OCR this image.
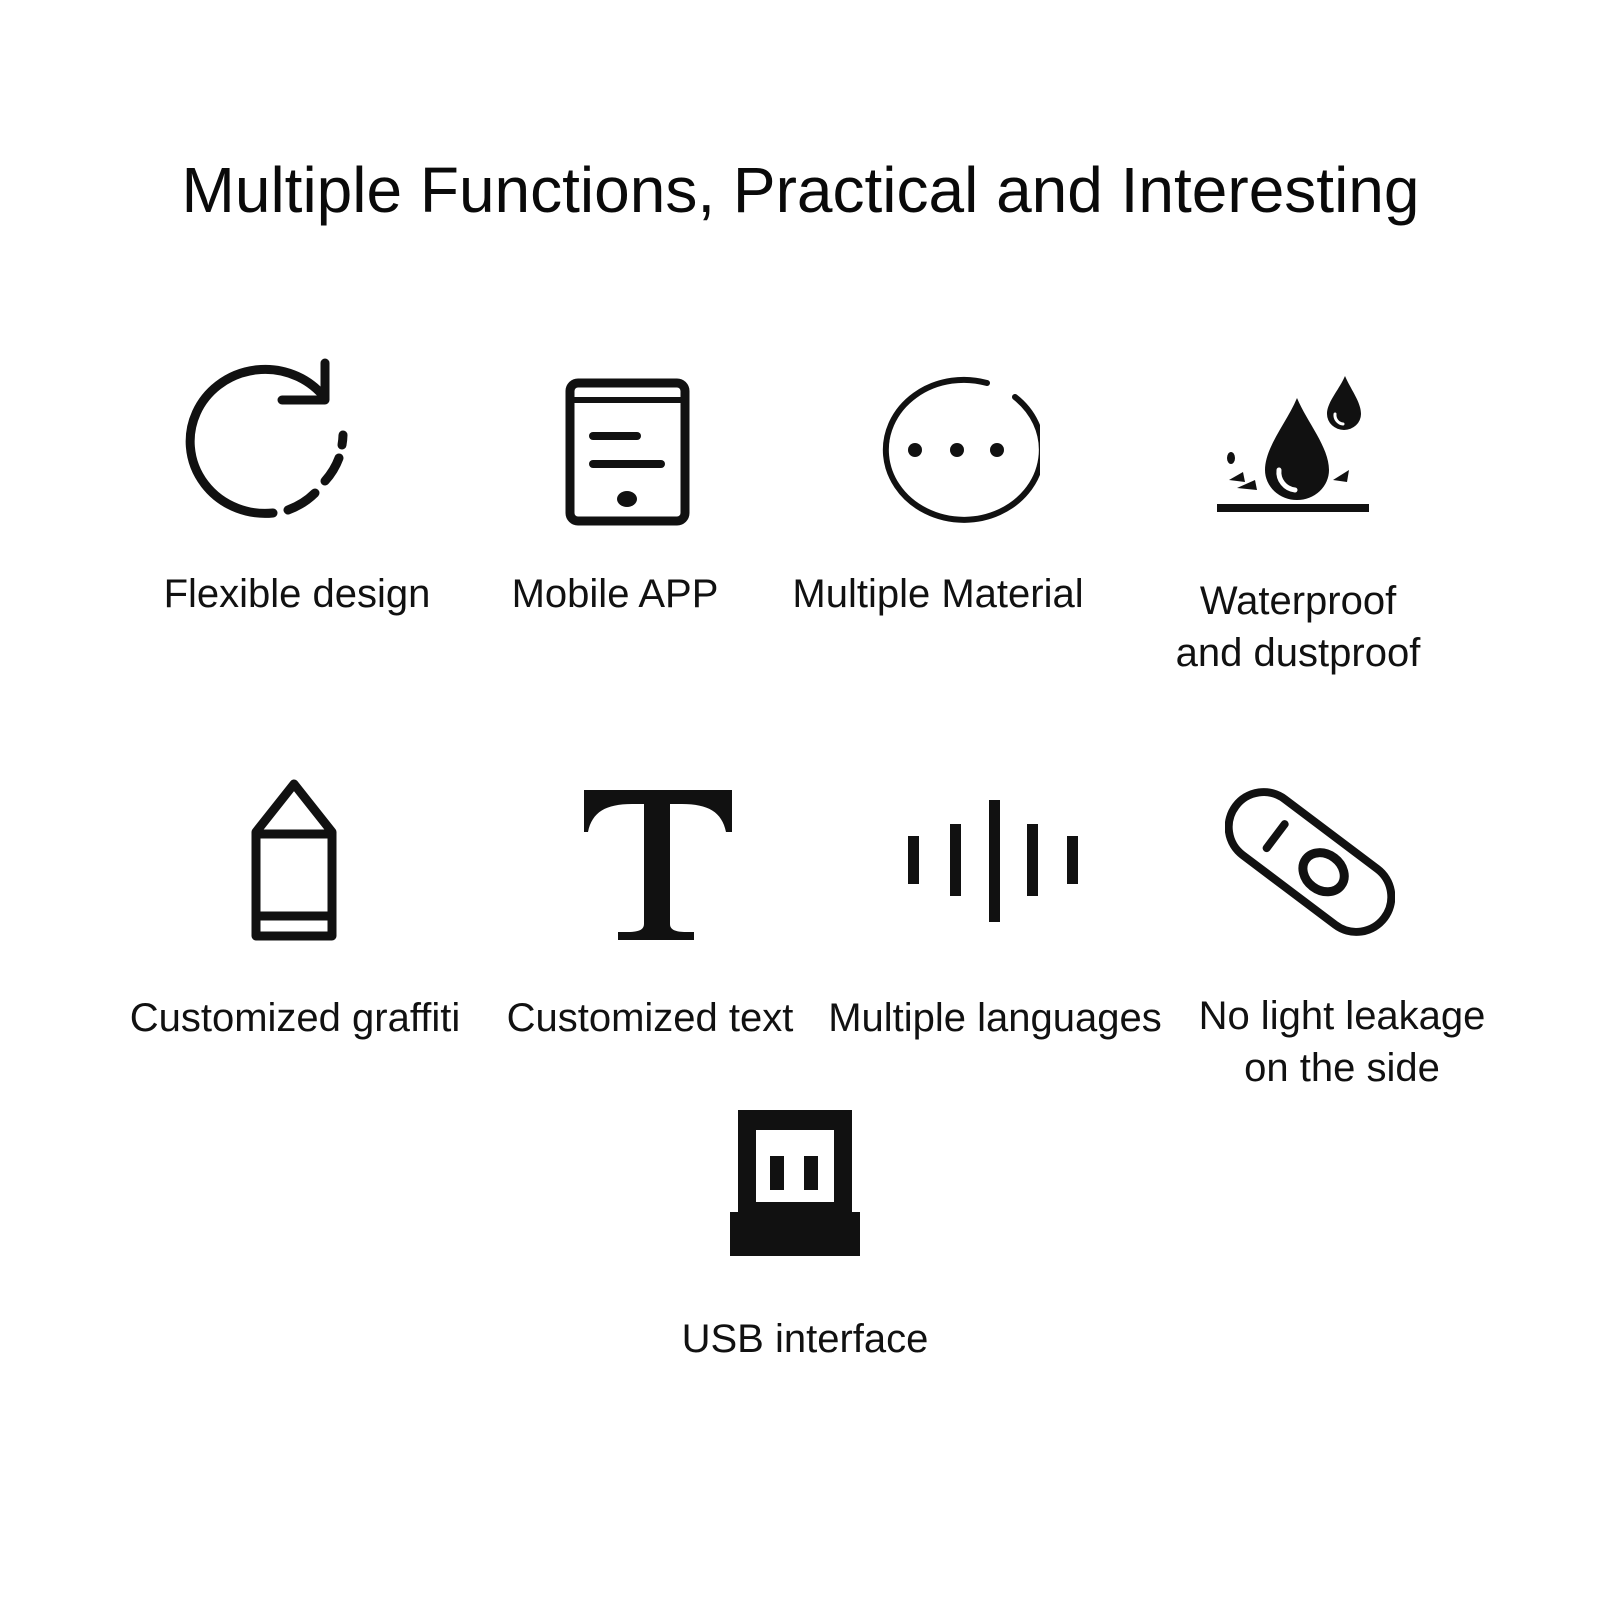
Multiple Functions, Practical and Interesting
Flexible design	Mobile APP	Multiple Material	Waterproof
and dustproof
Customized graffiti	Customized text Multiple languages No light leakage
on the side
USB interface
